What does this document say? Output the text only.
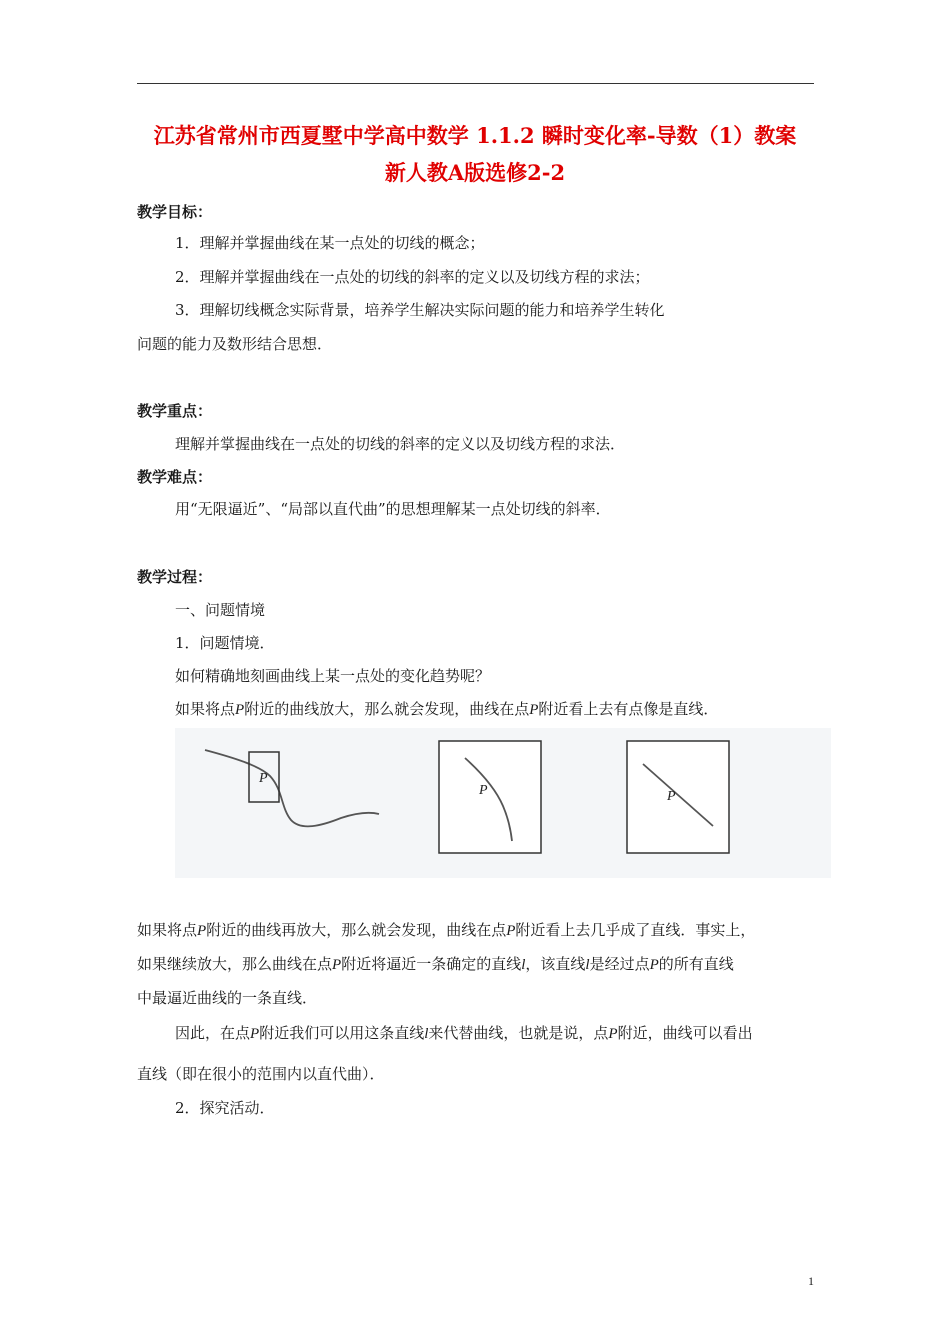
江苏省常州市西夏墅中学高中数学 1.1.2 瞬时变化率-导数（1）教案
新人教A版选修2-2
教学目标：
1．理解并掌握曲线在某一点处的切线的概念；
2．理解并掌握曲线在一点处的切线的斜率的定义以及切线方程的求法；
3．理解切线概念实际背景，培养学生解决实际问题的能力和培养学生转化
问题的能力及数形结合思想．
教学重点：
理解并掌握曲线在一点处的切线的斜率的定义以及切线方程的求法．
教学难点：
用“无限逼近”、“局部以直代曲”的思想理解某一点处切线的斜率．
教学过程：
一、问题情境
1．问题情境．
如何精确地刻画曲线上某一点处的变化趋势呢？
如果将点P附近的曲线放大，那么就会发现，曲线在点P附近看上去有点像是直线．
P
P	P
如果将点P附近的曲线再放大，那么就会发现，曲线在点P附近看上去几乎成了直线．事实上，
如果继续放大，那么曲线在点P附近将逼近一条确定的直线l，该直线l是经过点P的所有直线
中最逼近曲线的一条直线．
因此，在点P附近我们可以用这条直线l来代替曲线，也就是说，点P附近，曲线可以看出
直线（即在很小的范围内以直代曲）．
2．探究活动．
1
